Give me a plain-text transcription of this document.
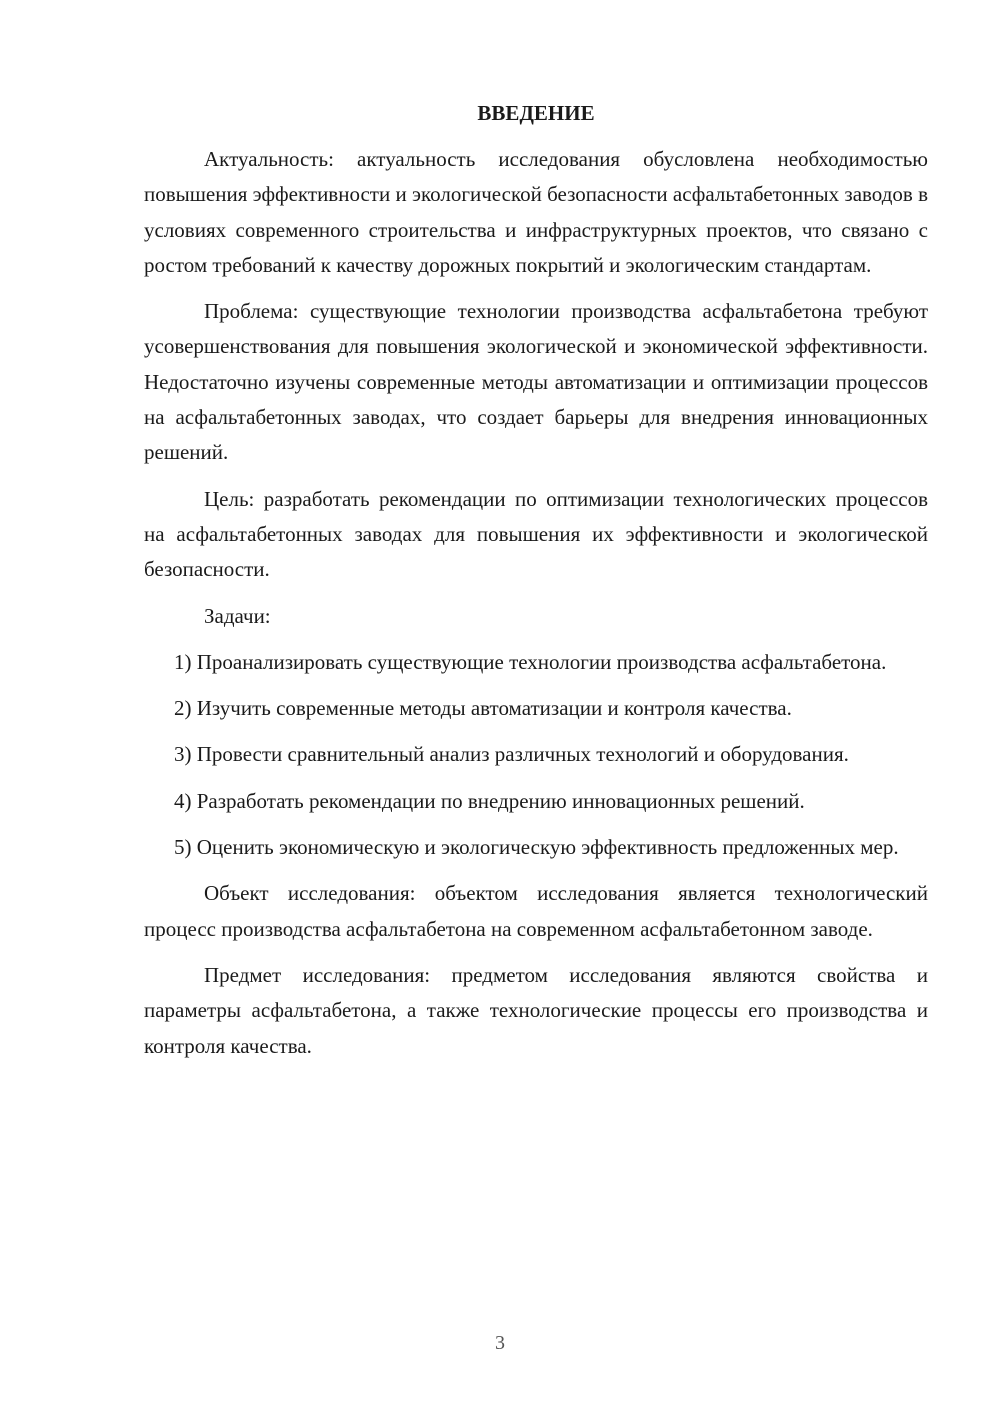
ВВЕДЕНИЕ

Актуальность: актуальность исследования обусловлена необходимостью повышения эффективности и экологической безопасности асфальтабетонных заводов в условиях современного строительства и инфраструктурных проектов, что связано с ростом требований к качеству дорожных покрытий и экологическим стандартам.

Проблема: существующие технологии производства асфальтабетона требуют усовершенствования для повышения экологической и экономической эффективности. Недостаточно изучены современные методы автоматизации и оптимизации процессов на асфальтабетонных заводах, что создает барьеры для внедрения инновационных решений.

Цель: разработать рекомендации по оптимизации технологических процессов на асфальтабетонных заводах для повышения их эффективности и экологической безопасности.

Задачи:

1) Проанализировать существующие технологии производства асфальтабетона.

2) Изучить современные методы автоматизации и контроля качества.

3) Провести сравнительный анализ различных технологий и оборудования.

4) Разработать рекомендации по внедрению инновационных решений.

5) Оценить экономическую и экологическую эффективность предложенных мер.

Объект исследования: объектом исследования является технологический процесс производства асфальтабетона на современном асфальтабетонном заводе.

Предмет исследования: предметом исследования являются свойства и параметры асфальтабетона, а также технологические процессы его производства и контроля качества.

3
